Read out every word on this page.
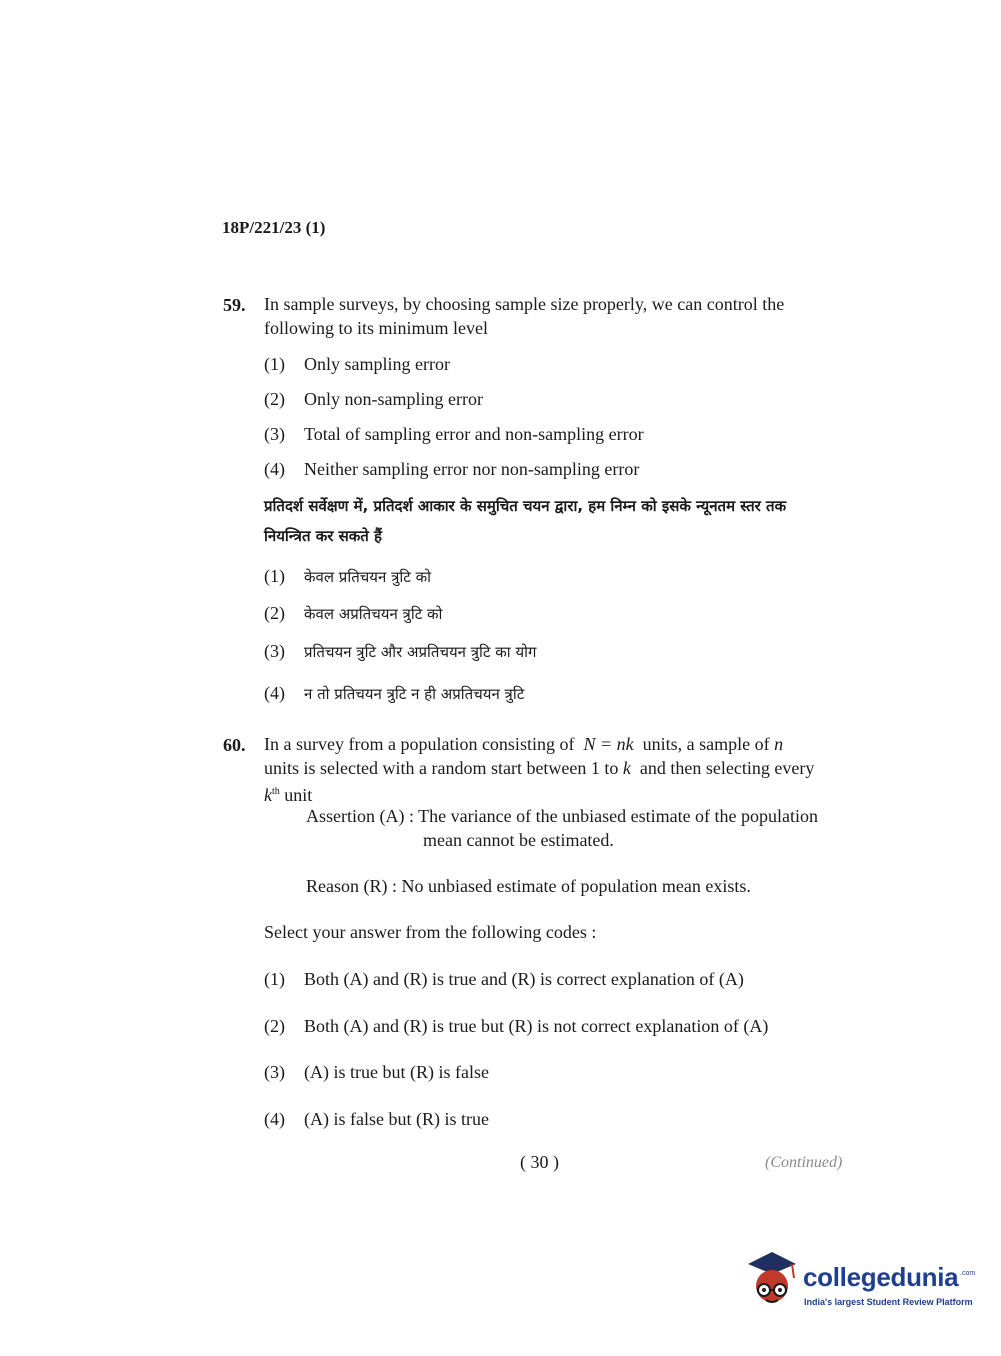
18P/221/23 (1)
59. In sample surveys, by choosing sample size properly, we can control the
following to its minimum level
(1) Only sampling error
(2) Only non-sampling error
(3) Total of sampling error and non-sampling error
(4) Neither sampling error nor non-sampling error
प्रतिदर्श सर्वेक्षण में, प्रतिदर्श आकार के समुचित चयन द्वारा, हम निम्न को इसके न्यूनतम स्तर तक
नियन्त्रित कर सकते हैं
(1) केवल प्रतिचयन त्रुटि को
(2) केवल अप्रतिचयन त्रुटि को
(3) प्रतिचयन त्रुटि और अप्रतिचयन त्रुटि का योग
(4) न तो प्रतिचयन त्रुटि न ही अप्रतिचयन त्रुटि
60. In a survey from a population consisting of N = nk units, a sample of n
units is selected with a random start between 1 to k and then selecting every
$k^{th}$ unit
Assertion (A) : The variance of the unbiased estimate of the population
mean cannot be estimated.
Reason (R) : No unbiased estimate of population mean exists.
Select your answer from the following codes :
(1) Both (A) and (R) is true and (R) is correct explanation of (A)
(2) Both (A) and (R) is true but (R) is not correct explanation of (A)
(3) (A) is true but (R) is false
(4) (A) is false but (R) is true
( 30 )	(Continued)
collegedunia .com
India's largest Student Review Platform
